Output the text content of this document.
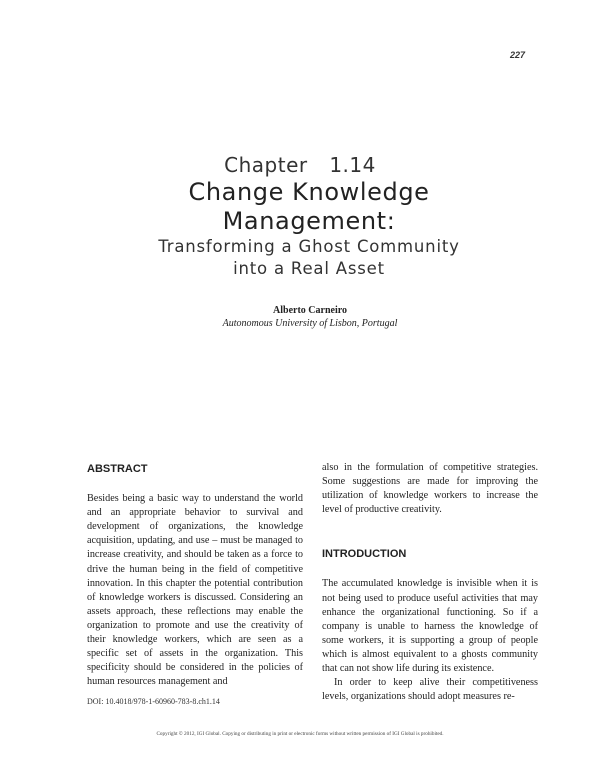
227
Chapter  1.14
Change Knowledge
Management:
Transforming a Ghost Community
into a Real Asset
Alberto Carneiro
Autonomous University of Lisbon, Portugal
ABSTRACT

Besides being a basic way to understand the world and an appropriate behavior to survival and development of organizations, the knowledge acquisition, updating, and use – must be managed to increase creativity, and should be taken as a force to drive the human being in the field of competitive innovation. In this chapter the potential contribution of knowledge workers is discussed. Considering an assets approach, these reflections may enable the organization to promote and use the creativity of their knowledge workers, which are seen as a specific set of assets in the organization. This specificity should be considered in the policies of human resources management and

also in the formulation of competitive strategies. Some suggestions are made for improving the utilization of knowledge workers to increase the level of productive creativity.

INTRODUCTION

The accumulated knowledge is invisible when it is not being used to produce useful activities that may enhance the organizational functioning. So if a company is unable to harness the knowledge of some workers, it is supporting a group of people which is almost equivalent to a ghosts community that can not show life during its existence.

In order to keep alive their competitiveness levels, organizations should adopt measures re-

DOI: 10.4018/978-1-60960-783-8.ch1.14
Copyright © 2012, IGI Global. Copying or distributing in print or electronic forms without written permission of IGI Global is prohibited.
